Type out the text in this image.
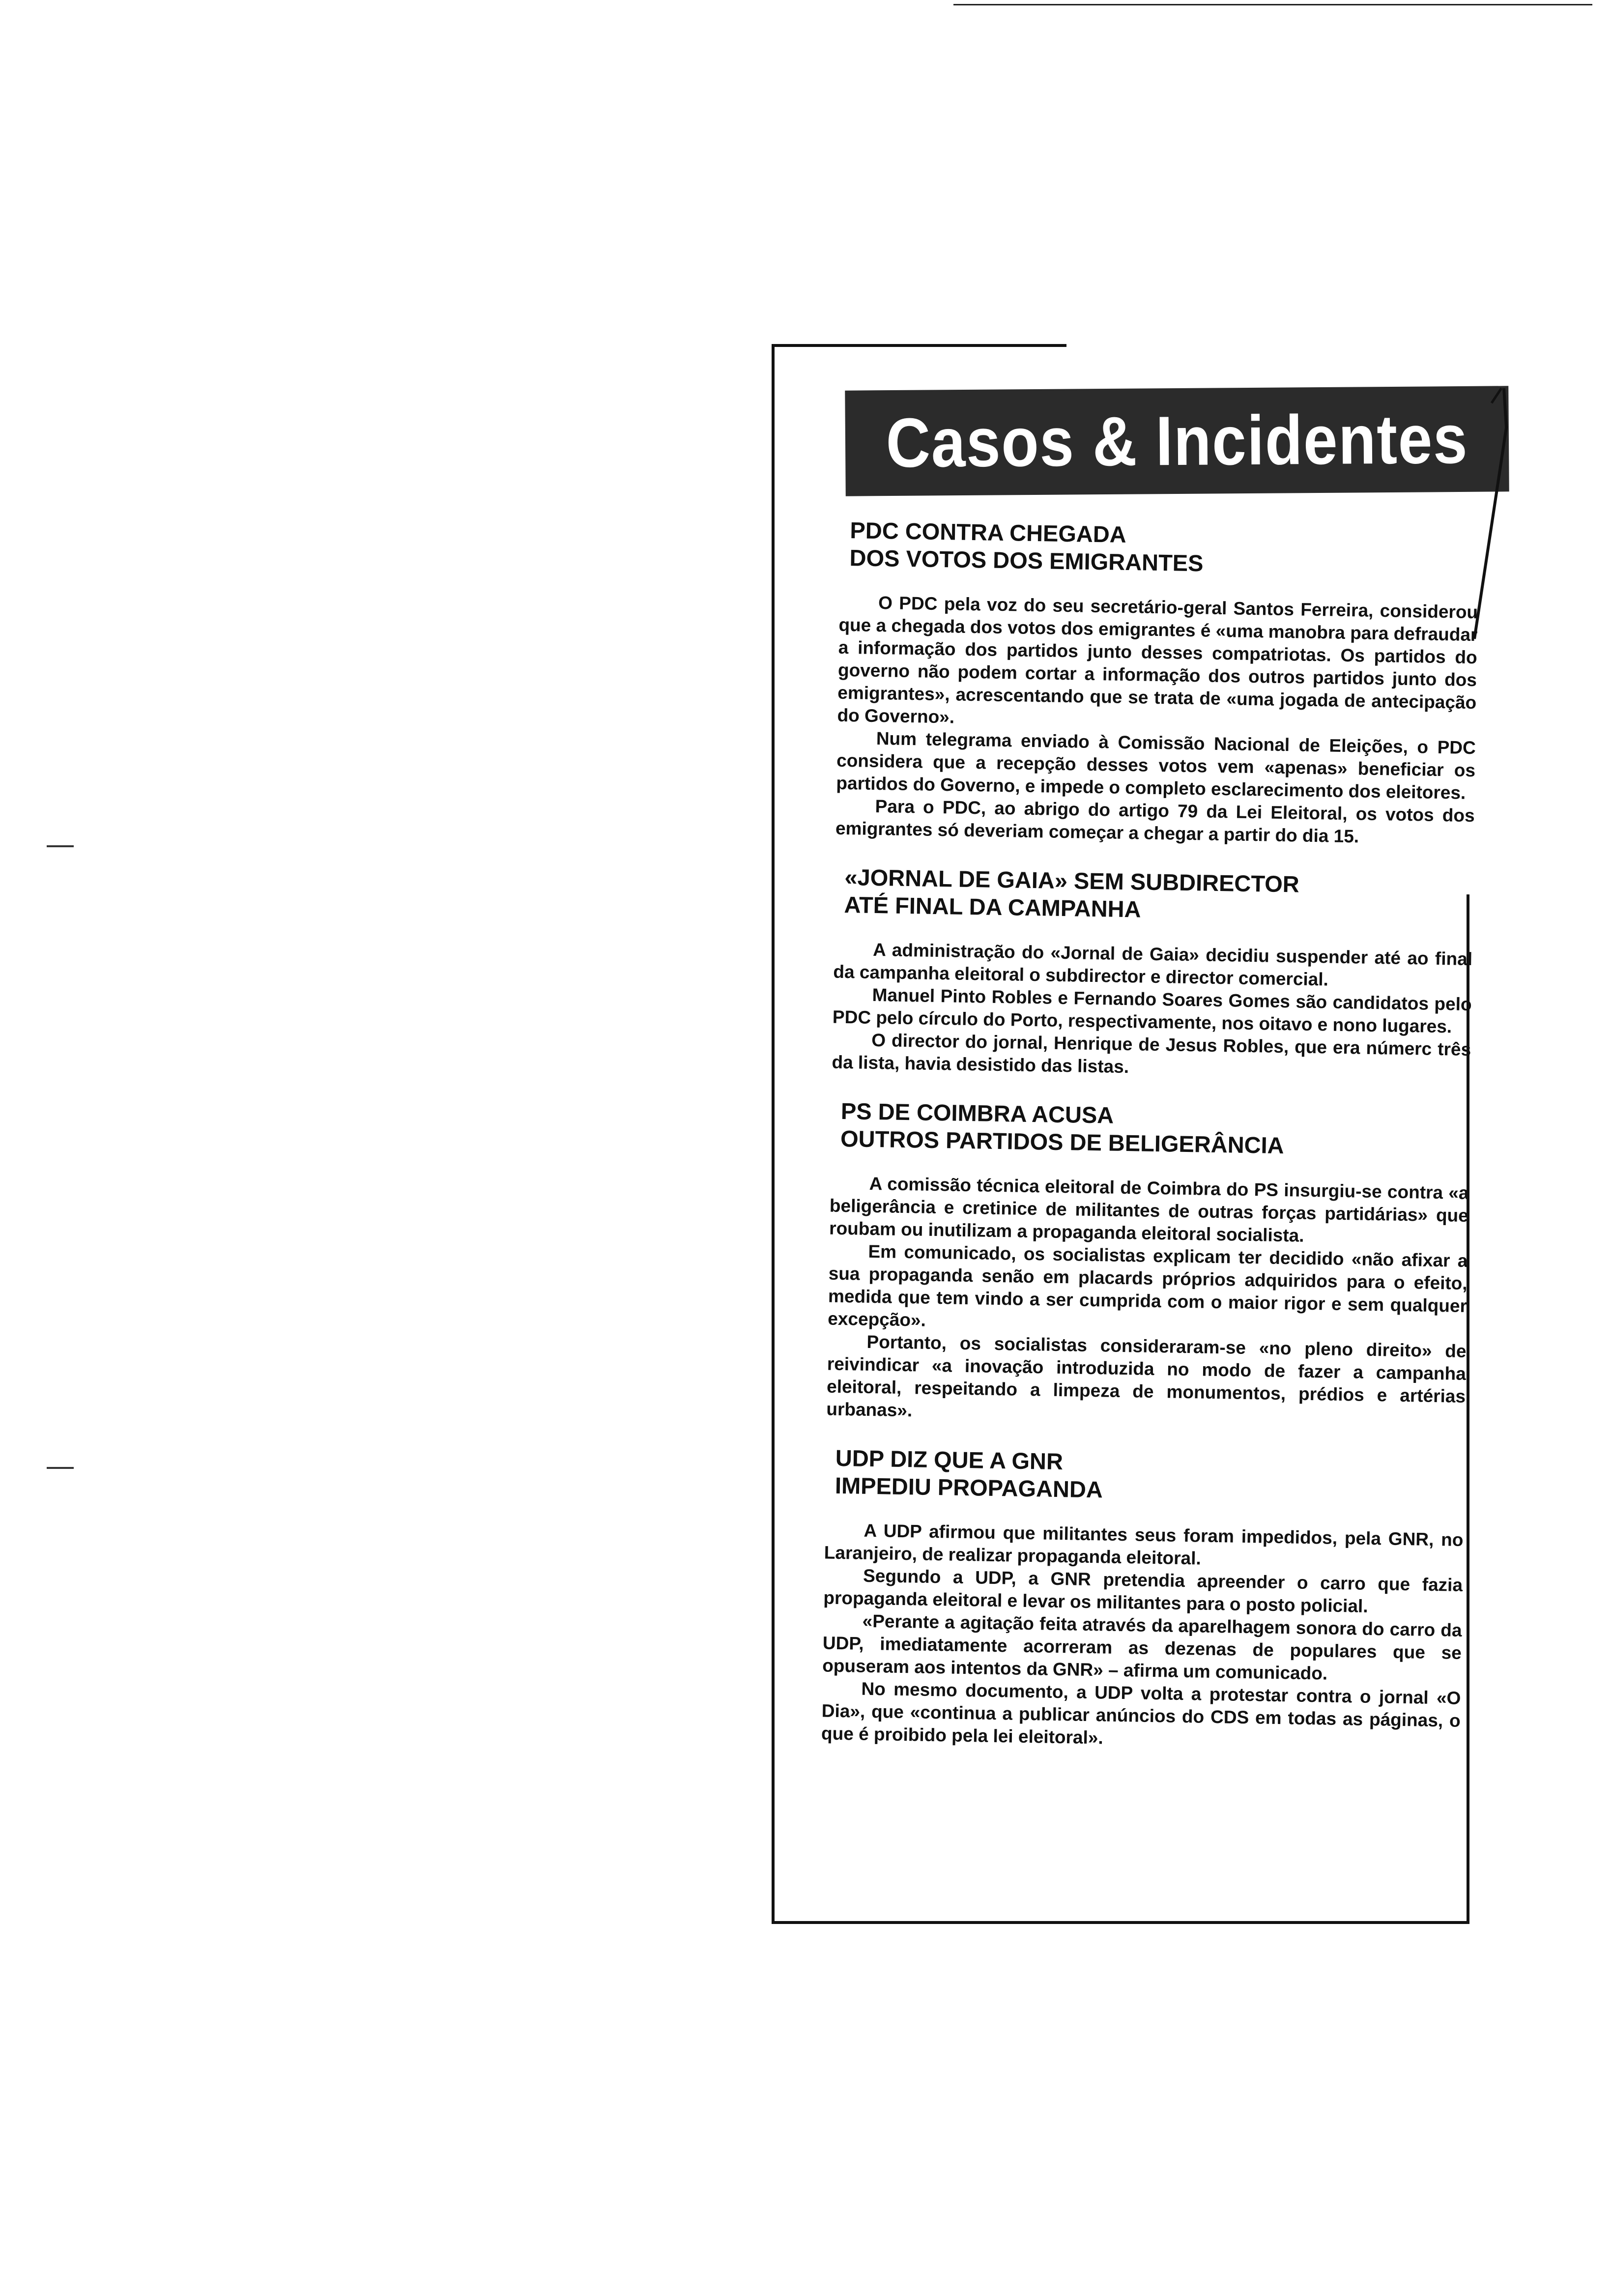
Casos & Incidentes
PDC CONTRA CHEGADA
DOS VOTOS DOS EMIGRANTES

O PDC pela voz do seu secretário-geral Santos Ferreira, considerou que a chegada dos votos dos emigrantes é «uma manobra para defraudar a informação dos partidos junto desses compatriotas. Os partidos do governo não podem cortar a informação dos outros partidos junto dos emigrantes», acrescentando que se trata de «uma jogada de antecipação do Governo».

Num telegrama enviado à Comissão Nacional de Eleições, o PDC considera que a recepção desses votos vem «apenas» beneficiar os partidos do Governo, e impede o completo esclarecimento dos eleitores.

Para o PDC, ao abrigo do artigo 79 da Lei Eleitoral, os votos dos emigrantes só deveriam começar a chegar a partir do dia 15.

«JORNAL DE GAIA» SEM SUBDIRECTOR
ATÉ FINAL DA CAMPANHA

A administração do «Jornal de Gaia» decidiu suspender até ao final da campanha eleitoral o subdirector e director comercial.

Manuel Pinto Robles e Fernando Soares Gomes são candidatos pelo PDC pelo círculo do Porto, respectivamente, nos oitavo e nono lugares.

O director do jornal, Henrique de Jesus Robles, que era númerc três da lista, havia desistido das listas.

PS DE COIMBRA ACUSA
OUTROS PARTIDOS DE BELIGERÂNCIA

A comissão técnica eleitoral de Coimbra do PS insurgiu-se contra «a beligerância e cretinice de militantes de outras forças partidárias» que roubam ou inutilizam a propaganda eleitoral socialista.

Em comunicado, os socialistas explicam ter decidido «não afixar a sua propaganda senão em placards próprios adquiridos para o efeito, medida que tem vindo a ser cumprida com o maior rigor e sem qualquer excepção».

Portanto, os socialistas consideraram-se «no pleno direito» de reivindicar «a inovação introduzida no modo de fazer a campanha eleitoral, respeitando a limpeza de monumentos, prédios e artérias urbanas».

UDP DIZ QUE A GNR
IMPEDIU PROPAGANDA

A UDP afirmou que militantes seus foram impedidos, pela GNR, no Laranjeiro, de realizar propaganda eleitoral.

Segundo a UDP, a GNR pretendia apreender o carro que fazia propaganda eleitoral e levar os militantes para o posto policial.

«Perante a agitação feita através da aparelhagem sonora do carro da UDP, imediatamente acorreram as dezenas de populares que se opuseram aos intentos da GNR» – afirma um comunicado.

No mesmo documento, a UDP volta a protestar contra o jornal «O Dia», que «continua a publicar anúncios do CDS em todas as páginas, o que é proibido pela lei eleitoral».
